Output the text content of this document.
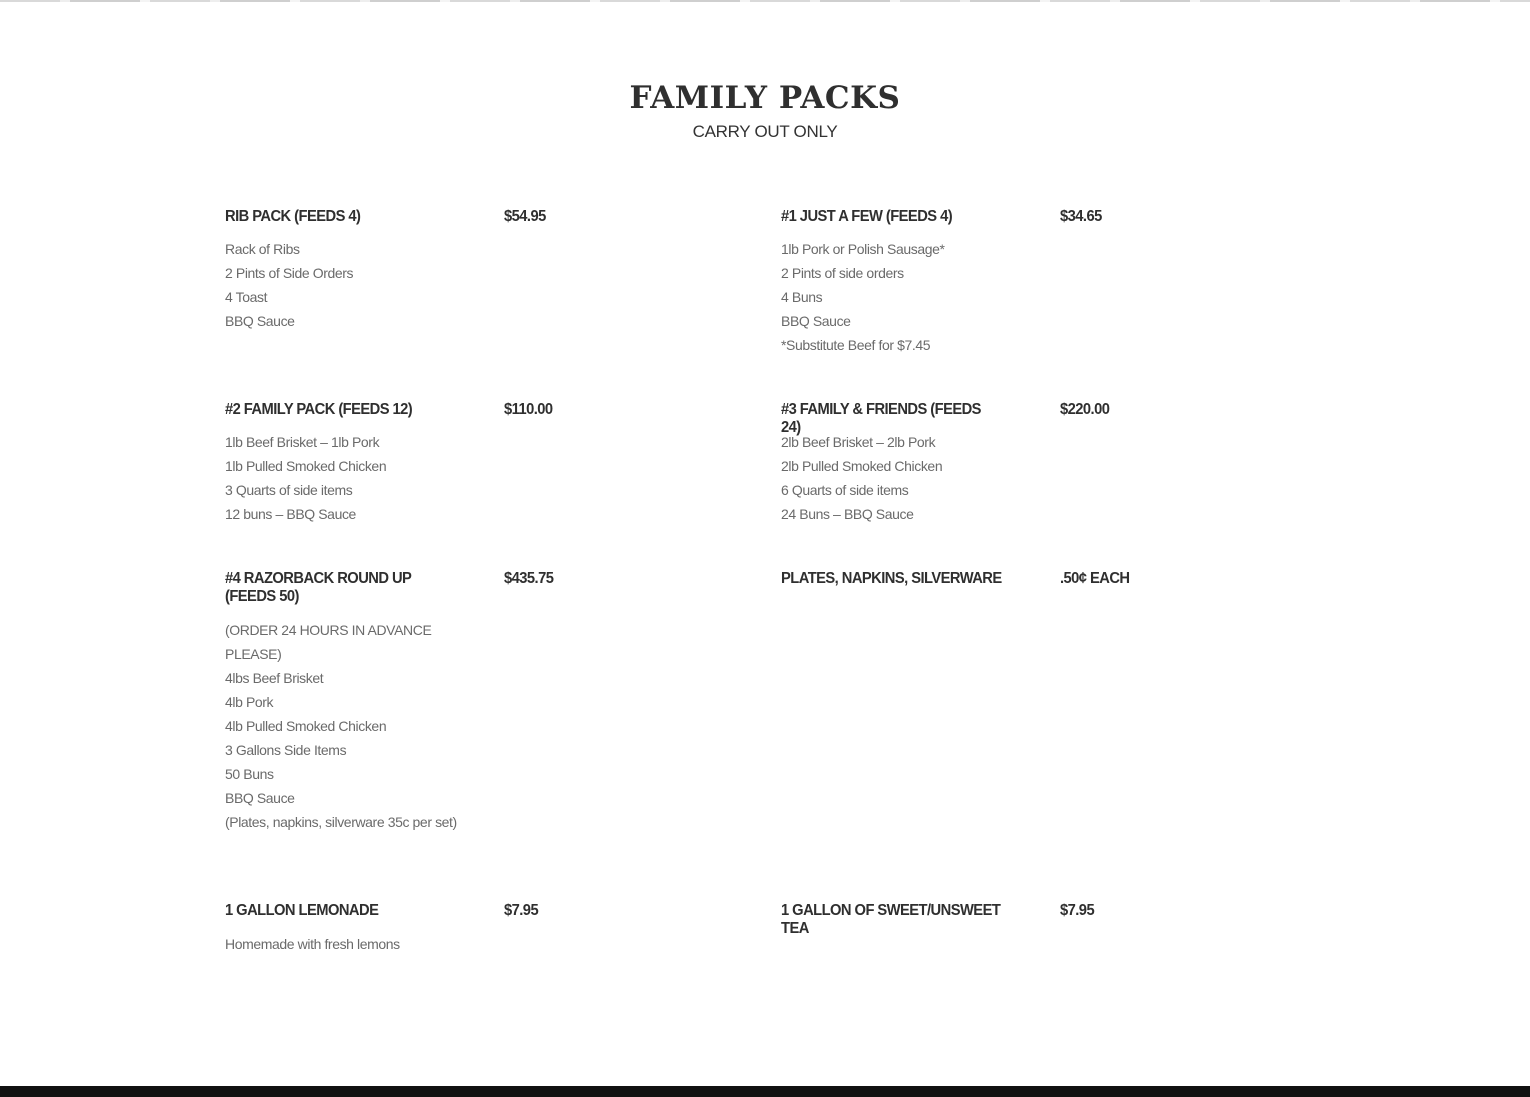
FAMILY PACKS
CARRY OUT ONLY
RIB PACK (FEEDS 4)	$54.95
Rack of Ribs
2 Pints of Side Orders
4 Toast
BBQ Sauce
#1 JUST A FEW (FEEDS 4)	$34.65
1lb Pork or Polish Sausage*
2 Pints of side orders
4 Buns
BBQ Sauce
*Substitute Beef for $7.45
#2 FAMILY PACK (FEEDS 12)	$110.00
1lb Beef Brisket – 1lb Pork
1lb Pulled Smoked Chicken
3 Quarts of side items
12 buns – BBQ Sauce
#3 FAMILY & FRIENDS (FEEDS 24)
$220.00
2lb Beef Brisket – 2lb Pork
2lb Pulled Smoked Chicken
6 Quarts of side items
24 Buns – BBQ Sauce
#4 RAZORBACK ROUND UP (FEEDS 50)
$435.75
(ORDER 24 HOURS IN ADVANCE PLEASE)
4lbs Beef Brisket
4lb Pork
4lb Pulled Smoked Chicken
3 Gallons Side Items
50 Buns
BBQ Sauce
(Plates, napkins, silverware 35c per set)
PLATES, NAPKINS, SILVERWARE	.50¢ EACH
1 GALLON LEMONADE	$7.95
Homemade with fresh lemons
1 GALLON OF SWEET/UNSWEET TEA
$7.95
